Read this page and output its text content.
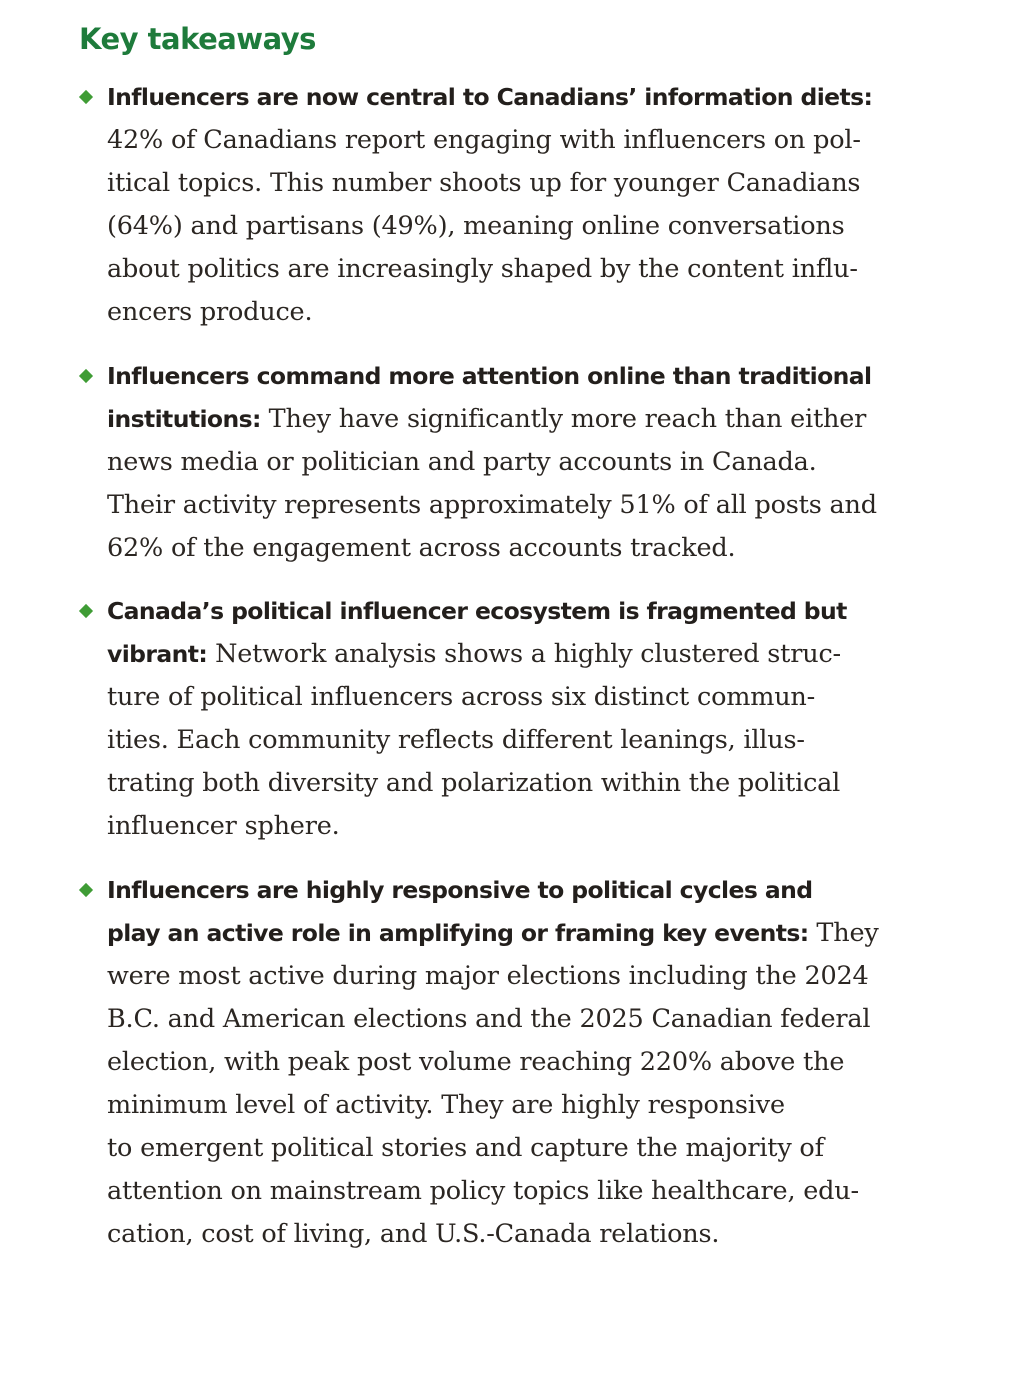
Key takeaways
Influencers are now central to Canadians’ information diets:
42% of Canadians report engaging with influencers on pol-
itical topics. This number shoots up for younger Canadians
(64%) and partisans (49%), meaning online conversations
about politics are increasingly shaped by the content influ-
encers produce.
Influencers command more attention online than traditional
institutions: They have significantly more reach than either
news media or politician and party accounts in Canada.
Their activity represents approximately 51% of all posts and
62% of the engagement across accounts tracked.
Canada’s political influencer ecosystem is fragmented but
vibrant: Network analysis shows a highly clustered struc-
ture of political influencers across six distinct commun-
ities. Each community reflects different leanings, illus-
trating both diversity and polarization within the political
influencer sphere.
Influencers are highly responsive to political cycles and
play an active role in amplifying or framing key events: They
were most active during major elections including the 2024
B.C. and American elections and the 2025 Canadian federal
election, with peak post volume reaching 220% above the
minimum level of activity. They are highly responsive
to emergent political stories and capture the majority of
attention on mainstream policy topics like healthcare, edu-
cation, cost of living, and U.S.-Canada relations.
